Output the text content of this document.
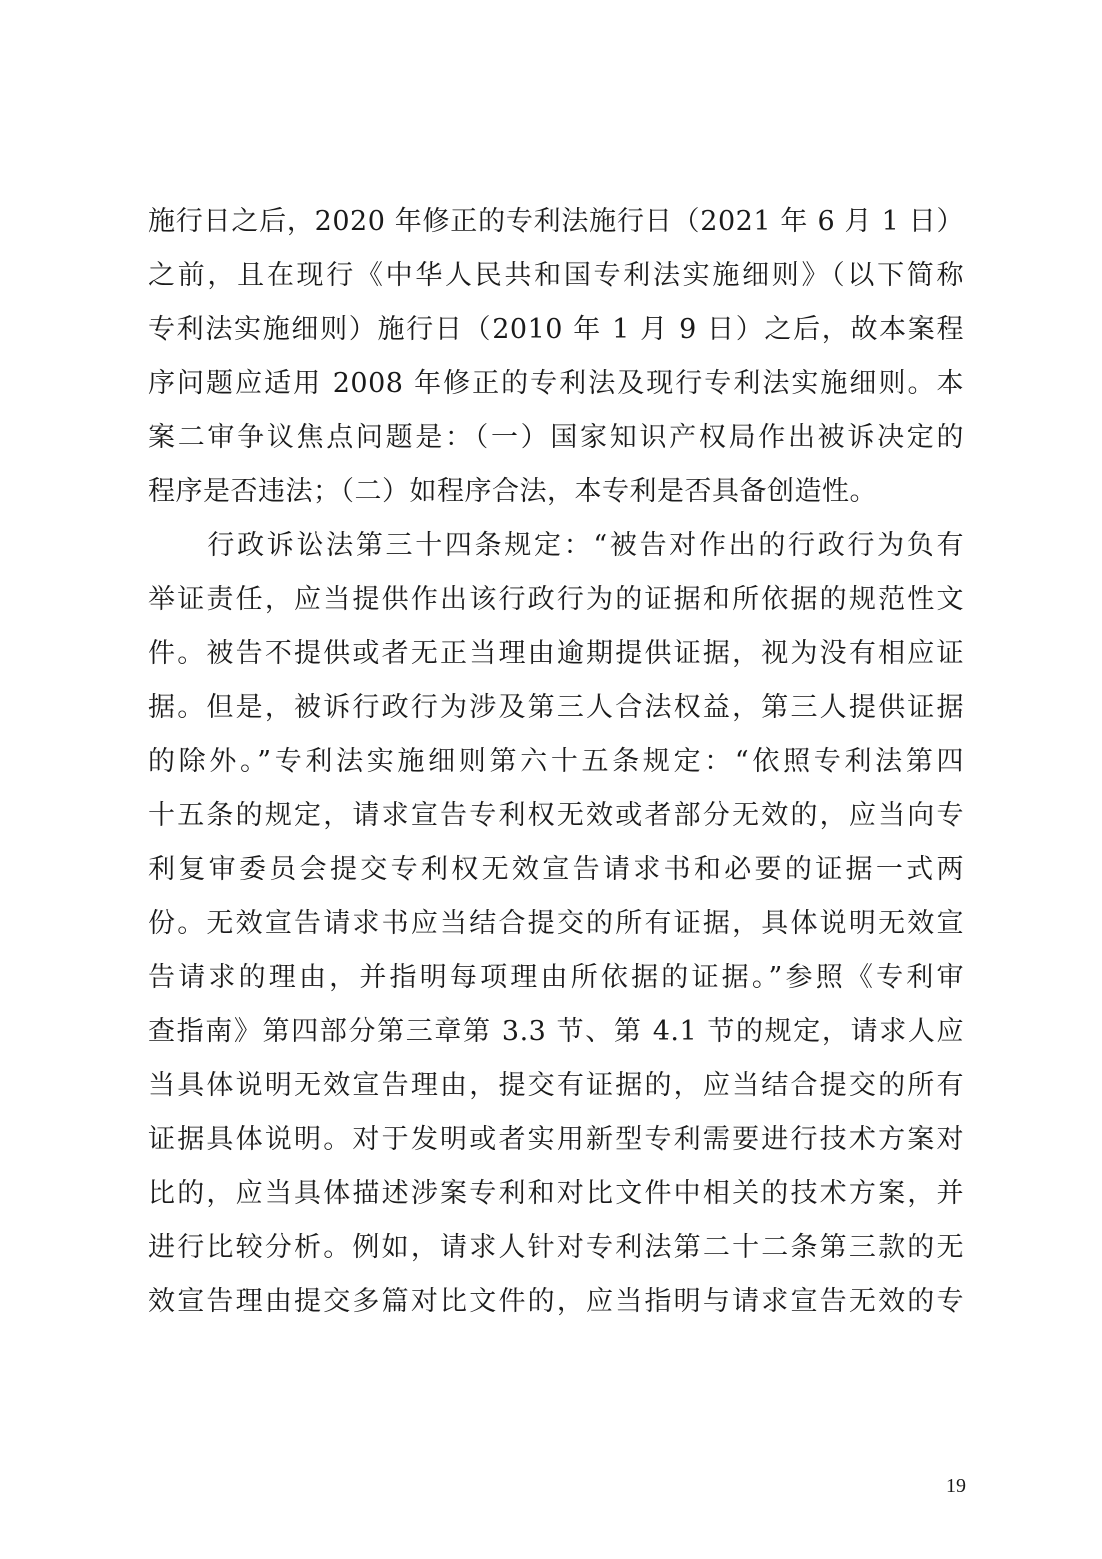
施行日之后，2020 年修正的专利法施行日（2021 年 6 月 1 日）
之前，且在现行《中华人民共和国专利法实施细则》（以下简称
专利法实施细则）施行日（2010 年 1 月 9 日）之后，故本案程
序问题应适用 2008 年修正的专利法及现行专利法实施细则。本
案二审争议焦点问题是：（一）国家知识产权局作出被诉决定的
程序是否违法；（二）如程序合法，本专利是否具备创造性。
　　行政诉讼法第三十四条规定：“被告对作出的行政行为负有
举证责任，应当提供作出该行政行为的证据和所依据的规范性文
件。被告不提供或者无正当理由逾期提供证据，视为没有相应证
据。但是，被诉行政行为涉及第三人合法权益，第三人提供证据
的除外。”专利法实施细则第六十五条规定：“依照专利法第四
十五条的规定，请求宣告专利权无效或者部分无效的，应当向专
利复审委员会提交专利权无效宣告请求书和必要的证据一式两
份。无效宣告请求书应当结合提交的所有证据，具体说明无效宣
告请求的理由，并指明每项理由所依据的证据。”参照《专利审
查指南》第四部分第三章第 3.3 节、第 4.1 节的规定，请求人应
当具体说明无效宣告理由，提交有证据的，应当结合提交的所有
证据具体说明。对于发明或者实用新型专利需要进行技术方案对
比的，应当具体描述涉案专利和对比文件中相关的技术方案，并
进行比较分析。例如，请求人针对专利法第二十二条第三款的无
效宣告理由提交多篇对比文件的，应当指明与请求宣告无效的专
19
